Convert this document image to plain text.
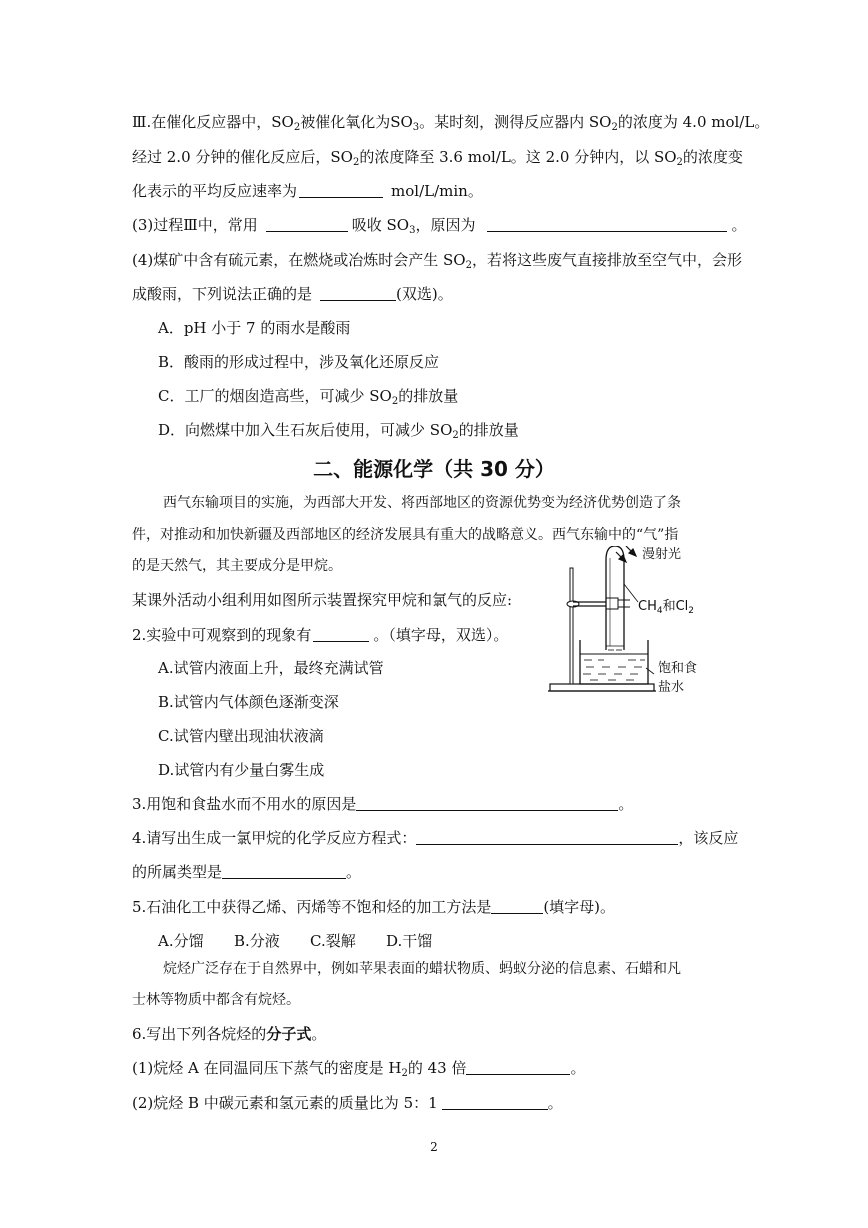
Ⅲ.在催化反应器中，$SO_2$被催化氧化为$SO_3$。某时刻，测得反应器内 $SO_2$的浓度为 4.0 mol/L。
经过 2.0 分钟的催化反应后，$SO_2$的浓度降至 3.6 mol/L。这 2.0 分钟内，以 $SO_2$的浓度变
化表示的平均反应速率为	mol/L/min。
(3)过程Ⅲ中，常用	吸收 $SO_3$，原因为	。
(4)煤矿中含有硫元素，在燃烧或冶炼时会产生 $SO_2$，若将这些废气直接排放至空气中，会形
成酸雨，下列说法正确的是	(双选)。
A．pH 小于 7 的雨水是酸雨
B．酸雨的形成过程中，涉及氧化还原反应
C．工厂的烟囱造高些，可减少 $SO_2$的排放量
D．向燃煤中加入生石灰后使用，可减少 $SO_2$的排放量
二、能源化学（共 30 分）
西气东输项目的实施，为西部大开发、将西部地区的资源优势变为经济优势创造了条
件，对推动和加快新疆及西部地区的经济发展具有重大的战略意义。西气东输中的“气”指
的是天然气，其主要成分是甲烷。
某课外活动小组利用如图所示装置探究甲烷和氯气的反应:
漫射光
$CH_4$和$Cl_2$
饱和食
盐水
2.实验中可观察到的现象有	。（填字母，双选）。
A.试管内液面上升，最终充满试管
B.试管内气体颜色逐渐变深
C.试管内壁出现油状液滴
D.试管内有少量白雾生成
3.用饱和食盐水而不用水的原因是	。
4.请写出生成一氯甲烷的化学反应方程式：	，该反应
的所属类型是	。
5.石油化工中获得乙烯、丙烯等不饱和烃的加工方法是	(填字母)。
A.分馏 B.分液 C.裂解 D.干馏
烷烃广泛存在于自然界中，例如苹果表面的蜡状物质、蚂蚁分泌的信息素、石蜡和凡
士林等物质中都含有烷烃。
6.写出下列各烷烃的分子式。
(1)烷烃 A 在同温同压下蒸气的密度是 $H_2$的 43 倍	。
(2)烷烃 B 中碳元素和氢元素的质量比为 5：1	。
2
